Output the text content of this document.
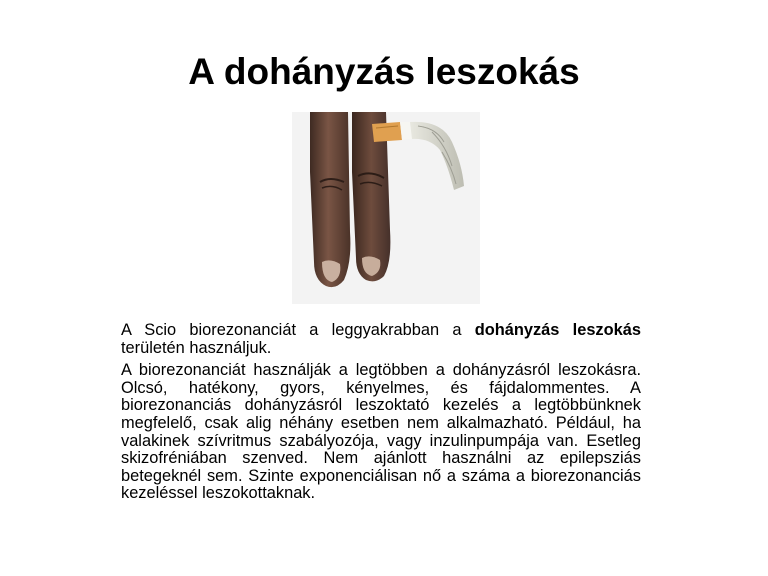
A dohányzás leszokás

A Scio biorezonanciát a leggyakrabban a dohányzás leszokás területén használjuk.

A biorezonanciát használják a legtöbben a dohányzásról leszokásra. Olcsó, hatékony, gyors, kényelmes, és fájdalommentes. A biorezonanciás dohányzásról leszoktató kezelés a legtöbbünknek megfelelő, csak alig néhány esetben nem alkalmazható. Például, ha valakinek szívritmus szabályozója, vagy inzulinpumpája van. Esetleg skizofréniában szenved. Nem ajánlott használni az epilepsziás betegeknél sem. Szinte exponenciálisan nő a száma a biorezonanciás kezeléssel leszokottaknak.
